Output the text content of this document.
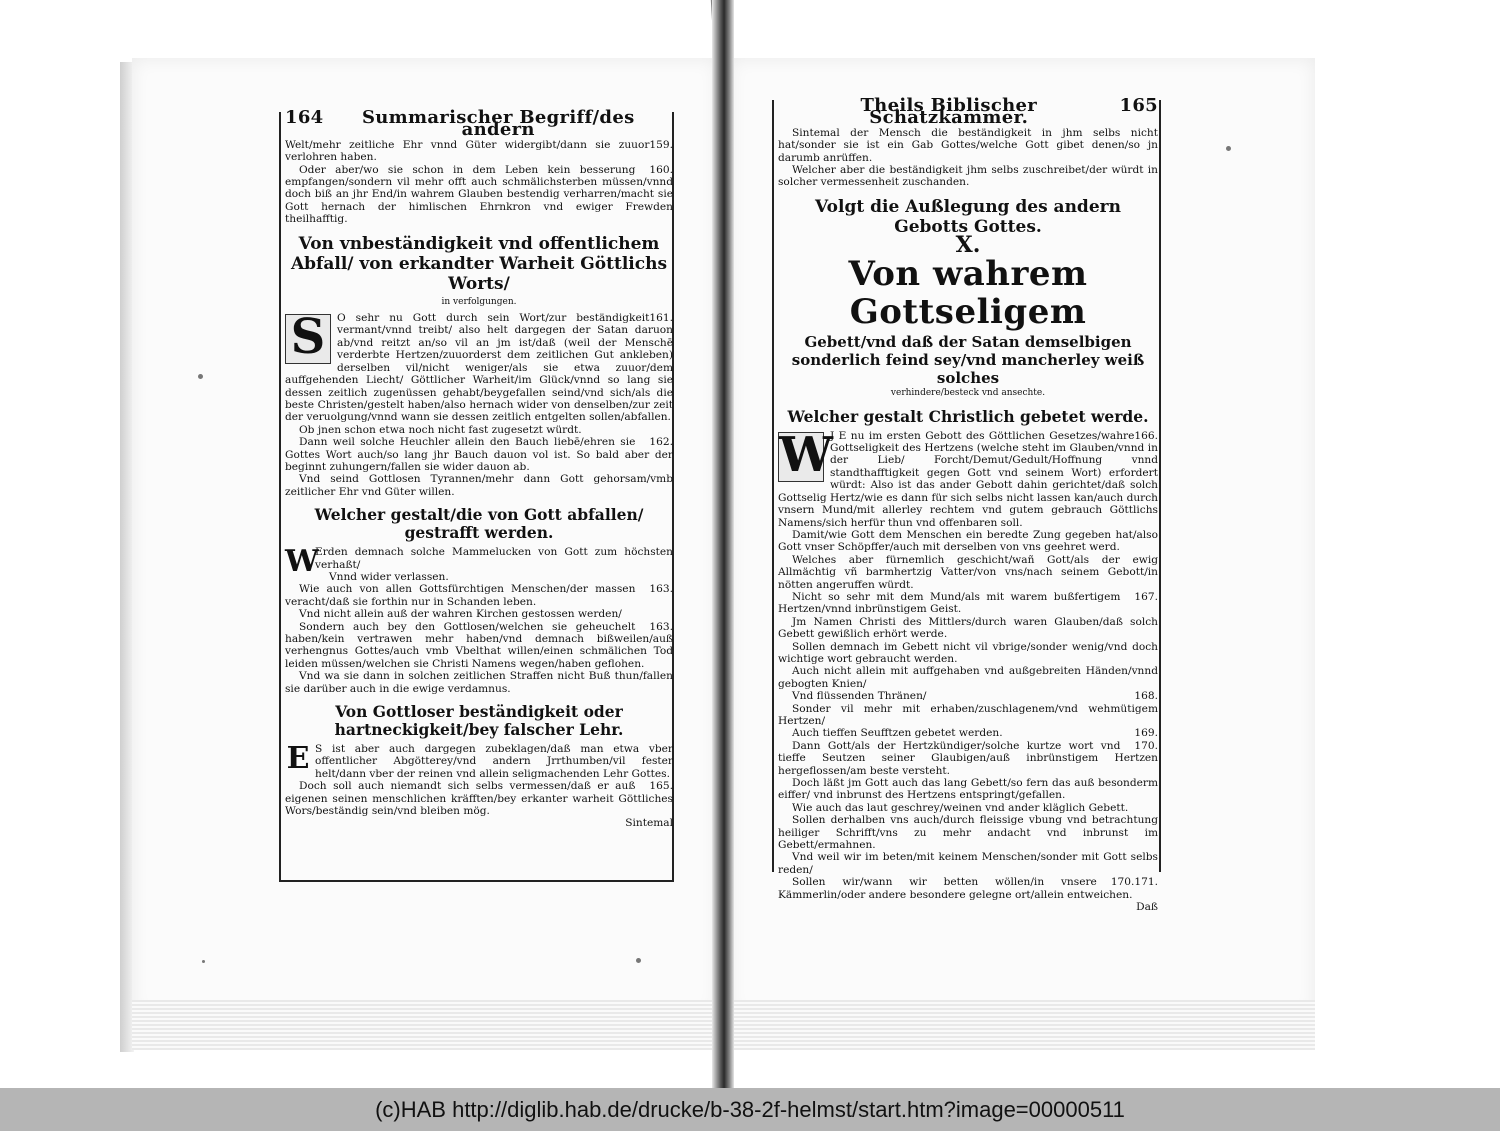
164	Summarischer Begriff/des andern

159.
Welt/mehr zeitliche Ehr vnnd Güter widergibt/dann sie zuuor verlohren haben.

160.
Oder aber/wo sie schon in dem Leben kein besserung empfangen/sondern vil mehr offt auch schmälichsterben müssen/vnnd doch biß an jhr End/in wahrem Glauben bestendig verharren/macht sie Gott hernach der himlischen Ehrnkron vnd ewiger Frewden theilhafftig.

Von vnbeständigkeit vnd offentlichem Abfall/ von erkandter Warheit Göttlichs Worts/
in verfolgungen.

S	161.
O sehr nu Gott durch sein Wort/zur beständigkeit vermant/vnnd treibt/ also helt dargegen der Satan daruon ab/vnd reitzt an/so vil an jm ist/daß (weil der Menschē verderbte Hertzen/zuuorderst dem zeitlichen Gut ankleben) derselben vil/nicht weniger/als sie etwa zuuor/dem auffgehenden Liecht/ Göttlicher Warheit/im Glück/vnnd so lang sie dessen zeitlich zugenüssen gehabt/beygefallen seind/vnd sich/als die beste Christen/gestelt haben/also hernach wider von denselben/zur zeit der veruolgung/vnnd wann sie dessen zeitlich entgelten sollen/abfallen.

Ob jnen schon etwa noch nicht fast zugesetzt würdt.

162.
Dann weil solche Heuchler allein den Bauch liebē/ehren sie Gottes Wort auch/so lang jhr Bauch dauon vol ist. So bald aber der beginnt zuhungern/fallen sie wider dauon ab.

Vnd seind Gottlosen Tyrannen/mehr dann Gott gehorsam/vmb zeitlicher Ehr vnd Güter willen.

Welcher gestalt/die von Gott abfallen/ gestrafft werden.

W
Erden demnach solche Mammelucken von Gott zum höchsten verhaßt/

Vnnd wider verlassen.

163.
Wie auch von allen Gottsfürchtigen Menschen/der massen veracht/daß sie forthin nur in Schanden leben.

Vnd nicht allein auß der wahren Kirchen gestossen werden/

163.
Sondern auch bey den Gottlosen/welchen sie geheuchelt haben/kein vertrawen mehr haben/vnd demnach bißweilen/auß verhengnus Gottes/auch vmb Vbelthat willen/einen schmälichen Tod leiden müssen/welchen sie Christi Namens wegen/haben geflohen.

Vnd wa sie dann in solchen zeitlichen Straffen nicht Buß thun/fallen sie darüber auch in die ewige verdamnus.

Von Gottloser beständigkeit oder hartneckigkeit/bey falscher Lehr.

E S ist aber auch dargegen zubeklagen/daß man etwa vber offentlicher Abgötterey/vnd andern Jrrthumben/vil fester helt/dann vber der reinen vnd allein seligmachenden Lehr Gottes.

165.
Doch soll auch niemandt sich selbs vermessen/daß er auß eigenen seinen menschlichen kräfften/bey erkanter warheit Göttliches Wors/beständig sein/vnd bleiben mög.

Sintemal
Theils Biblischer Schatzkammer.
165

Sintemal der Mensch die beständigkeit in jhm selbs nicht hat/sonder sie ist ein Gab Gottes/welche Gott gibet denen/so jn darumb anrüffen.

Welcher aber die beständigkeit jhm selbs zuschreibet/der würdt in solcher vermessenheit zuschanden.

Volgt die Außlegung des andern Gebotts Gottes.
X.
Von wahrem Gottseligem
Gebett/vnd daß der Satan demselbigen sonderlich feind sey/vnd mancherley weiß solches
verhindere/besteck vnd ansechte.
Welcher gestalt Christlich gebetet werde.

W	166.
J E nu im ersten Gebott des Göttlichen Gesetzes/wahre Gottseligkeit des Hertzens (welche steht im Glauben/vnnd in der Lieb/ Forcht/Demut/Gedult/Hoffnung vnnd standthafftigkeit gegen Gott vnd seinem Wort) erfordert würdt: Also ist das ander Gebott dahin gerichtet/daß solch Gottselig Hertz/wie es dann für sich selbs nicht lassen kan/auch durch vnsern Mund/mit allerley rechtem vnd gutem gebrauch Göttlichs Namens/sich herfür thun vnd offenbaren soll.

Damit/wie Gott dem Menschen ein beredte Zung gegeben hat/also Gott vnser Schöpffer/auch mit derselben von vns geehret werd.

Welches aber fürnemlich geschicht/wañ Gott/als der ewig Allmächtig vñ barmhertzig Vatter/von vns/nach seinem Gebott/in nötten angeruffen würdt.

167.
Nicht so sehr mit dem Mund/als mit warem bußfertigem Hertzen/vnnd inbrünstigem Geist.

Jm Namen Christi des Mittlers/durch waren Glauben/daß solch Gebett gewißlich erhört werde.

Sollen demnach im Gebett nicht vil vbrige/sonder wenig/vnd doch wichtige wort gebraucht werden.

Auch nicht allein mit auffgehaben vnd außgebreiten Händen/vnnd gebogten Knien/

168.
Vnd flüssenden Thränen/

Sonder vil mehr mit erhaben/zuschlagenem/vnd wehmütigem Hertzen/

169.
Auch tieffen Seufftzen gebetet werden.

170.
Dann Gott/als der Hertzkündiger/solche kurtze wort vnd tieffe Seutzen seiner Glaubigen/auß inbrünstigem Hertzen hergeflossen/am beste versteht.

Doch läßt jm Gott auch das lang Gebett/so fern das auß besonderm eiffer/ vnd inbrunst des Hertzens entspringt/gefallen.

Wie auch das laut geschrey/weinen vnd ander kläglich Gebett.

Sollen derhalben vns auch/durch fleissige vbung vnd betrachtung heiliger Schrifft/vns zu mehr andacht vnd inbrunst im Gebett/ermahnen.

Vnd weil wir im beten/mit keinem Menschen/sonder mit Gott selbs reden/

170.171.
Sollen wir/wann wir betten wöllen/in vnsere Kämmerlin/oder andere besondere gelegne ort/allein entweichen.

Daß
(c)HAB http://diglib.hab.de/drucke/b-38-2f-helmst/start.htm?image=00000511
